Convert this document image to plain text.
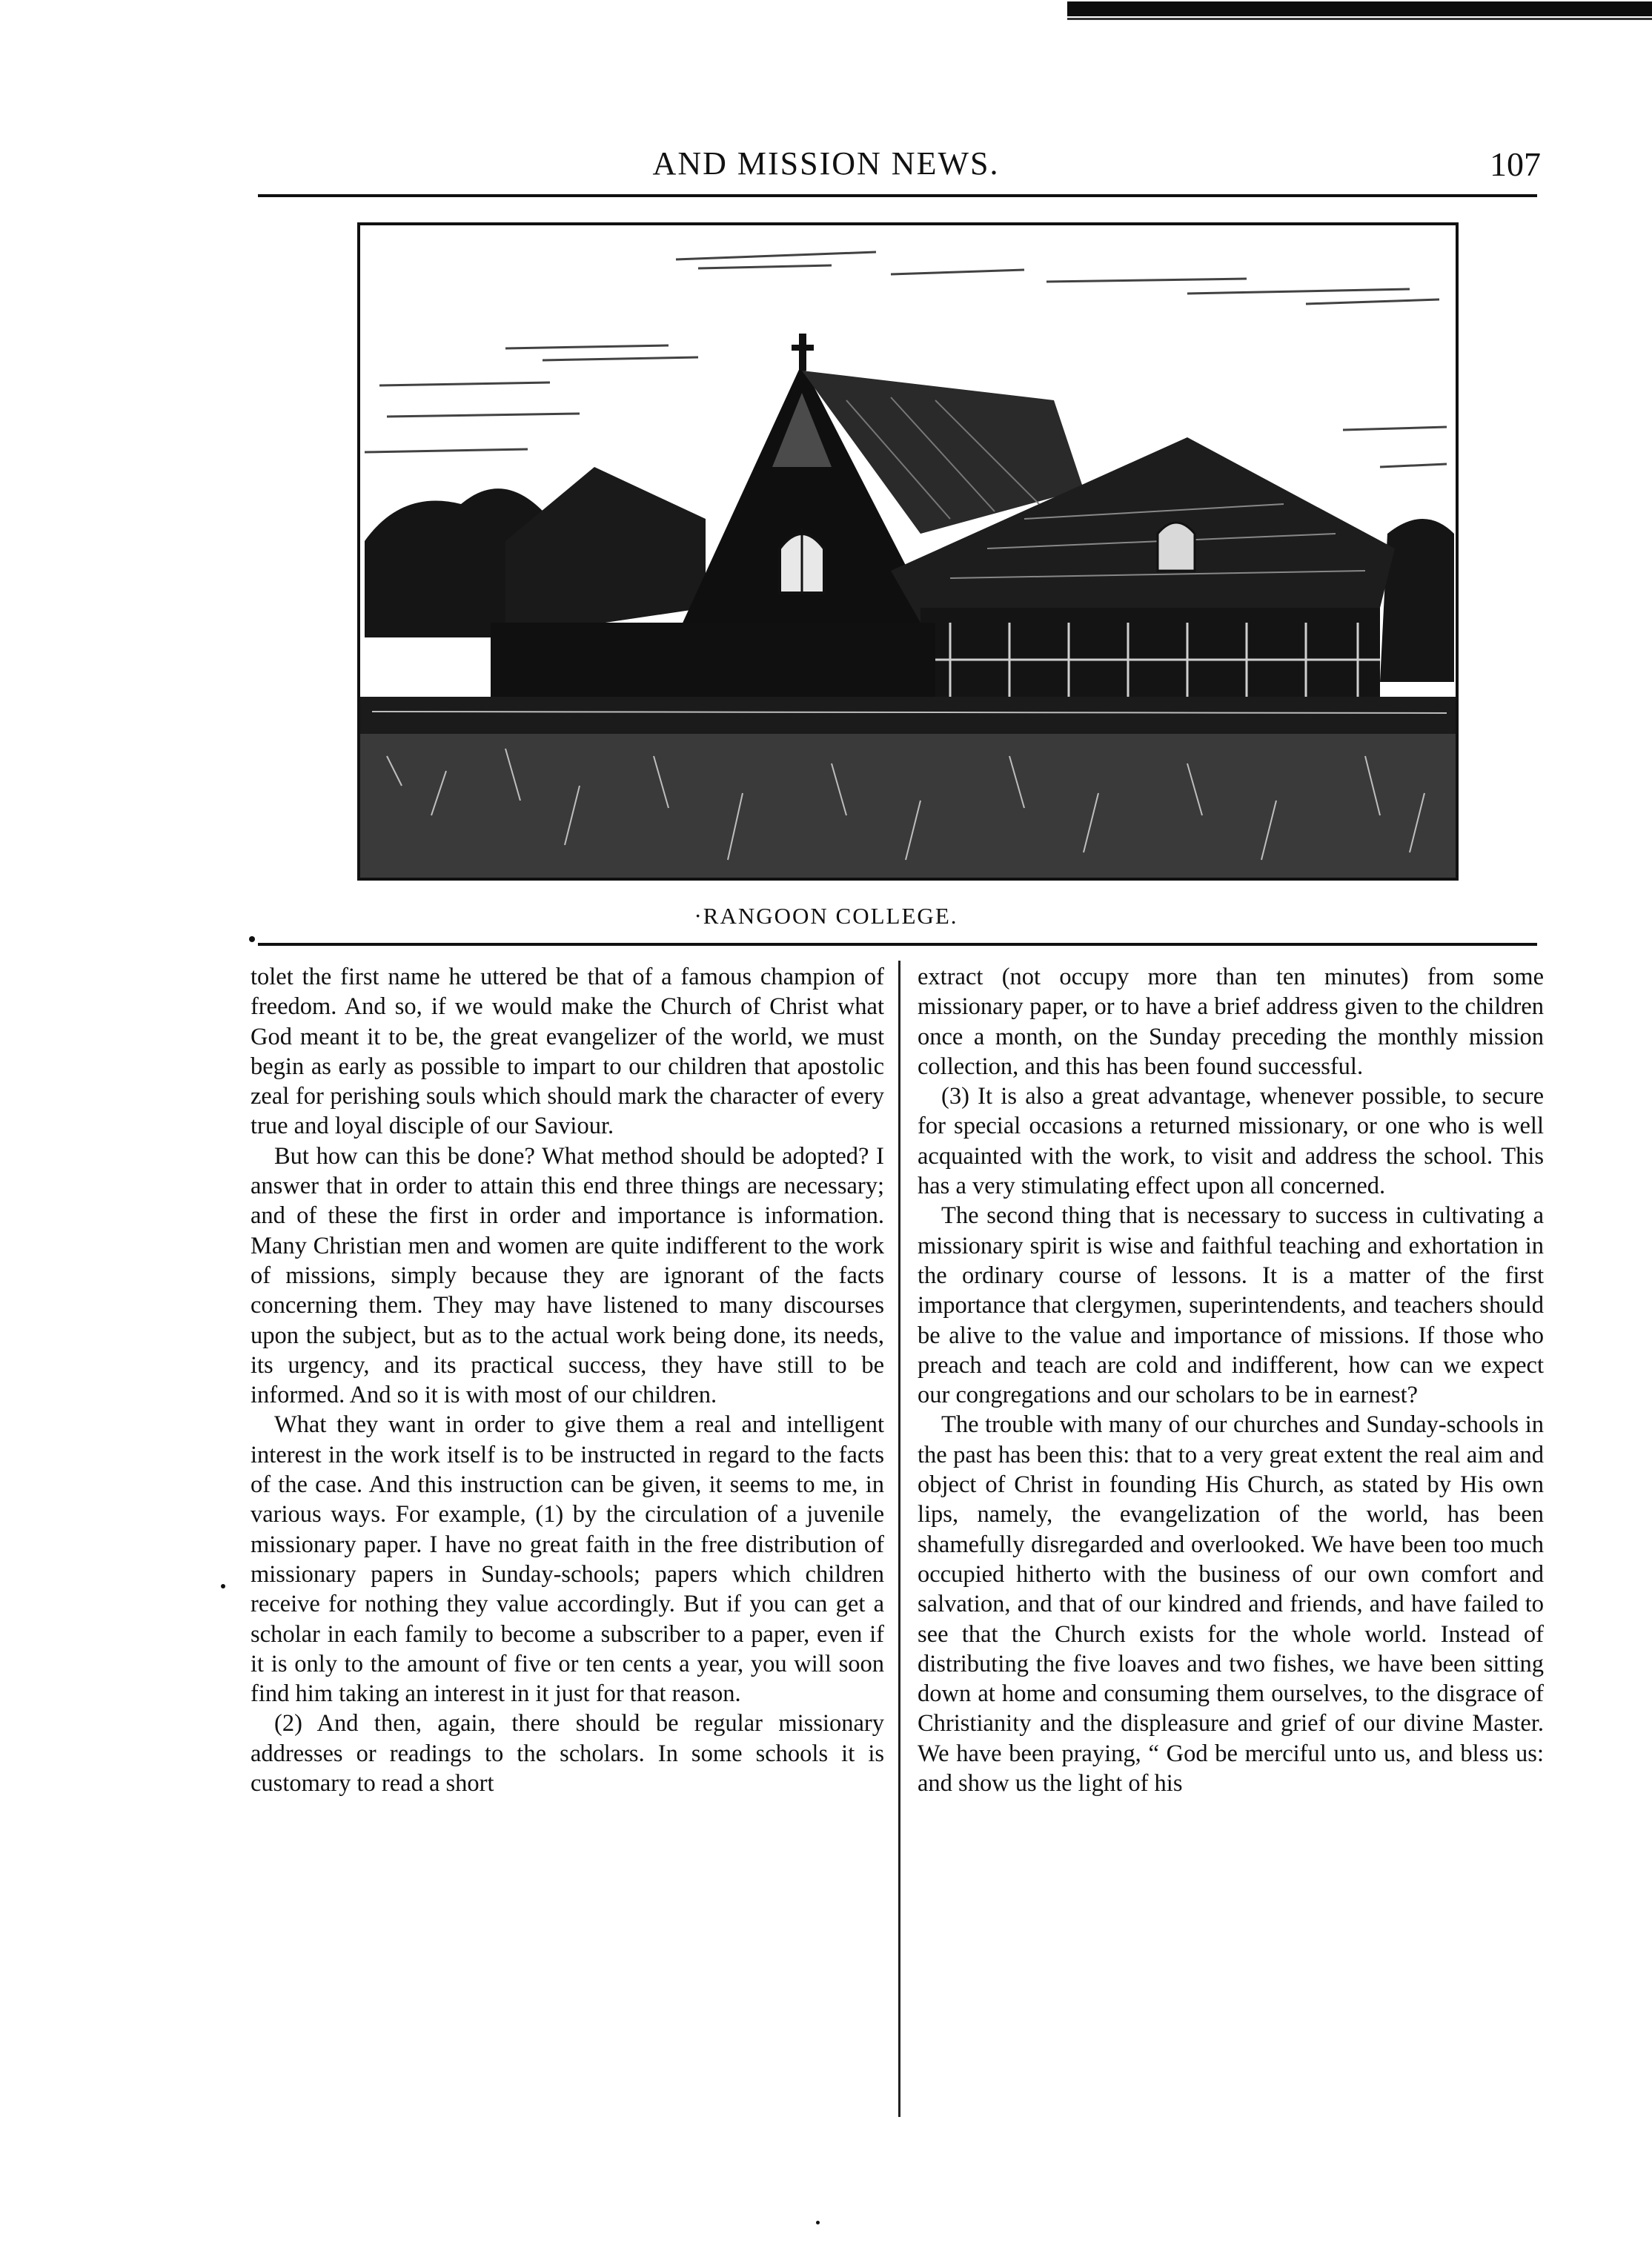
AND MISSION NEWS.	107
·RANGOON COLLEGE.

tolet the first name he uttered be that of a famous champion of freedom. And so, if we would make the Church of Christ what God meant it to be, the great evangelizer of the world, we must begin as early as possible to impart to our children that apostolic zeal for perishing souls which should mark the character of every true and loyal disciple of our Saviour.

But how can this be done? What method should be adopted? I answer that in order to attain this end three things are necessary; and of these the first in order and importance is information. Many Christian men and women are quite indifferent to the work of missions, simply because they are ignorant of the facts concerning them. They may have listened to many discourses upon the subject, but as to the actual work being done, its needs, its urgency, and its practical success, they have still to be informed. And so it is with most of our children.

What they want in order to give them a real and intelligent interest in the work itself is to be instructed in regard to the facts of the case. And this instruction can be given, it seems to me, in various ways. For example, (1) by the circulation of a juvenile missionary paper. I have no great faith in the free distribution of missionary papers in Sunday-schools; papers which children receive for nothing they value accordingly. But if you can get a scholar in each family to become a subscriber to a paper, even if it is only to the amount of five or ten cents a year, you will soon find him taking an interest in it just for that reason.

(2) And then, again, there should be regular missionary addresses or readings to the scholars. In some schools it is customary to read a short

extract (not occupy more than ten minutes) from some missionary paper, or to have a brief address given to the children once a month, on the Sunday preceding the monthly mission collection, and this has been found successful.

(3) It is also a great advantage, whenever possible, to secure for special occasions a returned missionary, or one who is well acquainted with the work, to visit and address the school. This has a very stimulating effect upon all concerned.

The second thing that is necessary to success in cultivating a missionary spirit is wise and faithful teaching and exhortation in the ordinary course of lessons. It is a matter of the first importance that clergymen, superintendents, and teachers should be alive to the value and importance of missions. If those who preach and teach are cold and indifferent, how can we expect our congregations and our scholars to be in earnest?

The trouble with many of our churches and Sunday-schools in the past has been this: that to a very great extent the real aim and object of Christ in founding His Church, as stated by His own lips, namely, the evangelization of the world, has been shamefully disregarded and overlooked. We have been too much occupied hitherto with the business of our own comfort and salvation, and that of our kindred and friends, and have failed to see that the Church exists for the whole world. Instead of distributing the five loaves and two fishes, we have been sitting down at home and consuming them ourselves, to the disgrace of Christianity and the displeasure and grief of our divine Master. We have been praying, “ God be merciful unto us, and bless us: and show us the light of his
